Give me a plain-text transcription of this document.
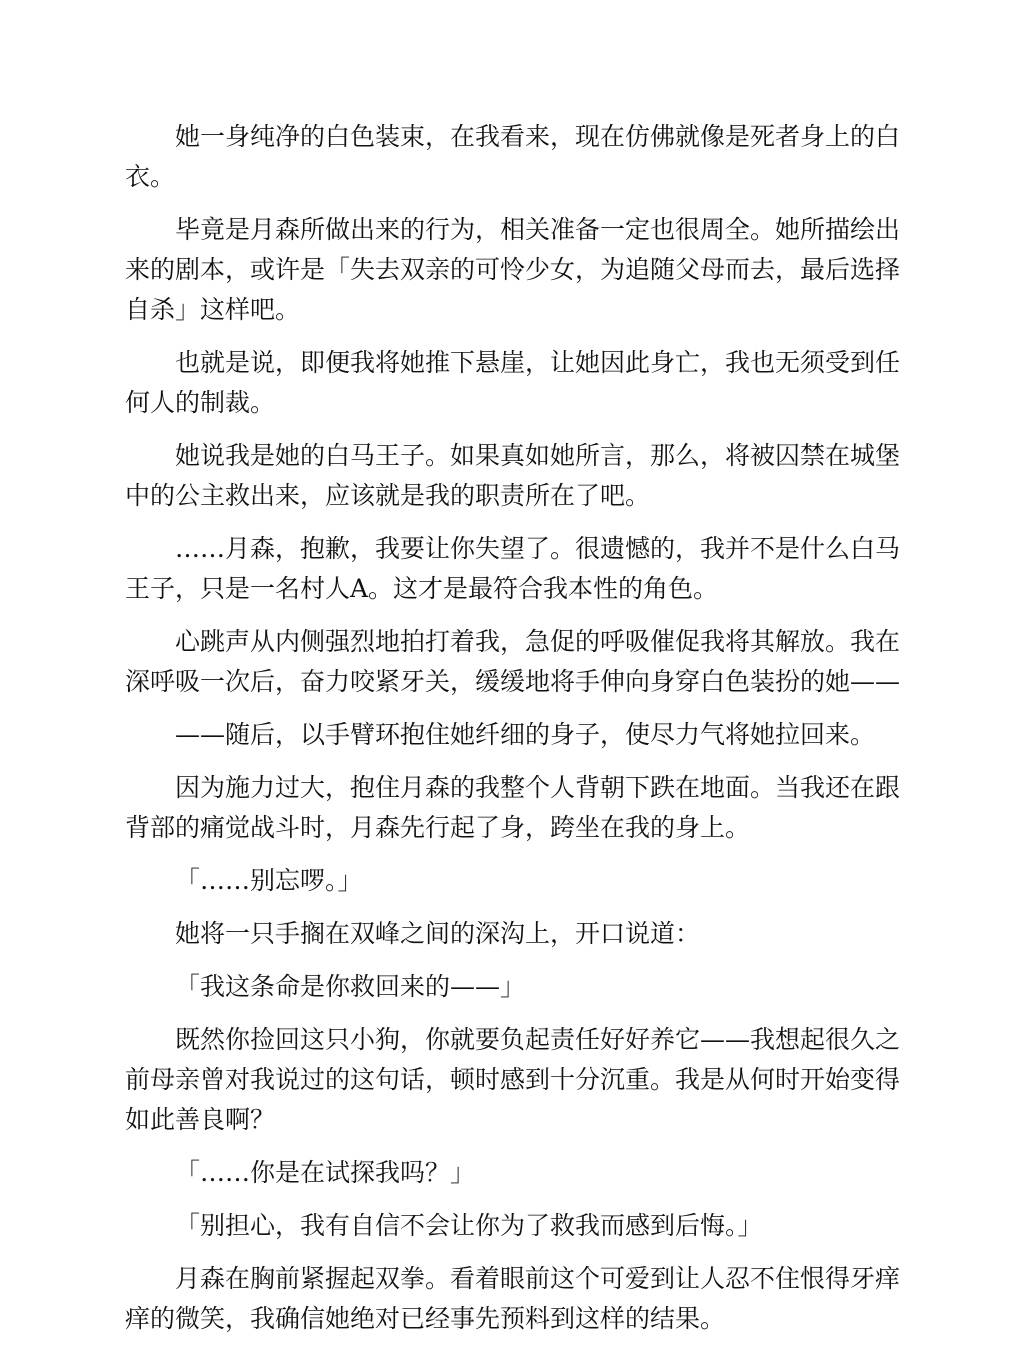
她一身纯净的白色装束，在我看来，现在仿佛就像是死者身上的白衣。

毕竟是月森所做出来的行为，相关准备一定也很周全。她所描绘出来的剧本，或许是「失去双亲的可怜少女，为追随父母而去，最后选择自杀」这样吧。

也就是说，即便我将她推下悬崖，让她因此身亡，我也无须受到任何人的制裁。

她说我是她的白马王子。如果真如她所言，那么，将被囚禁在城堡中的公主救出来，应该就是我的职责所在了吧。

……月森，抱歉，我要让你失望了。很遗憾的，我并不是什么白马王子，只是一名村人A。这才是最符合我本性的角色。

心跳声从内侧强烈地拍打着我，急促的呼吸催促我将其解放。我在深呼吸一次后，奋力咬紧牙关，缓缓地将手伸向身穿白色装扮的她——

——随后，以手臂环抱住她纤细的身子，使尽力气将她拉回来。

因为施力过大，抱住月森的我整个人背朝下跌在地面。当我还在跟背部的痛觉战斗时，月森先行起了身，跨坐在我的身上。

「……别忘啰。」

她将一只手搁在双峰之间的深沟上，开口说道：

「我这条命是你救回来的——」

既然你捡回这只小狗，你就要负起责任好好养它——我想起很久之前母亲曾对我说过的这句话，顿时感到十分沉重。我是从何时开始变得如此善良啊？

「……你是在试探我吗？」

「别担心，我有自信不会让你为了救我而感到后悔。」

月森在胸前紧握起双拳。看着眼前这个可爱到让人忍不住恨得牙痒痒的微笑，我确信她绝对已经事先预料到这样的结果。
